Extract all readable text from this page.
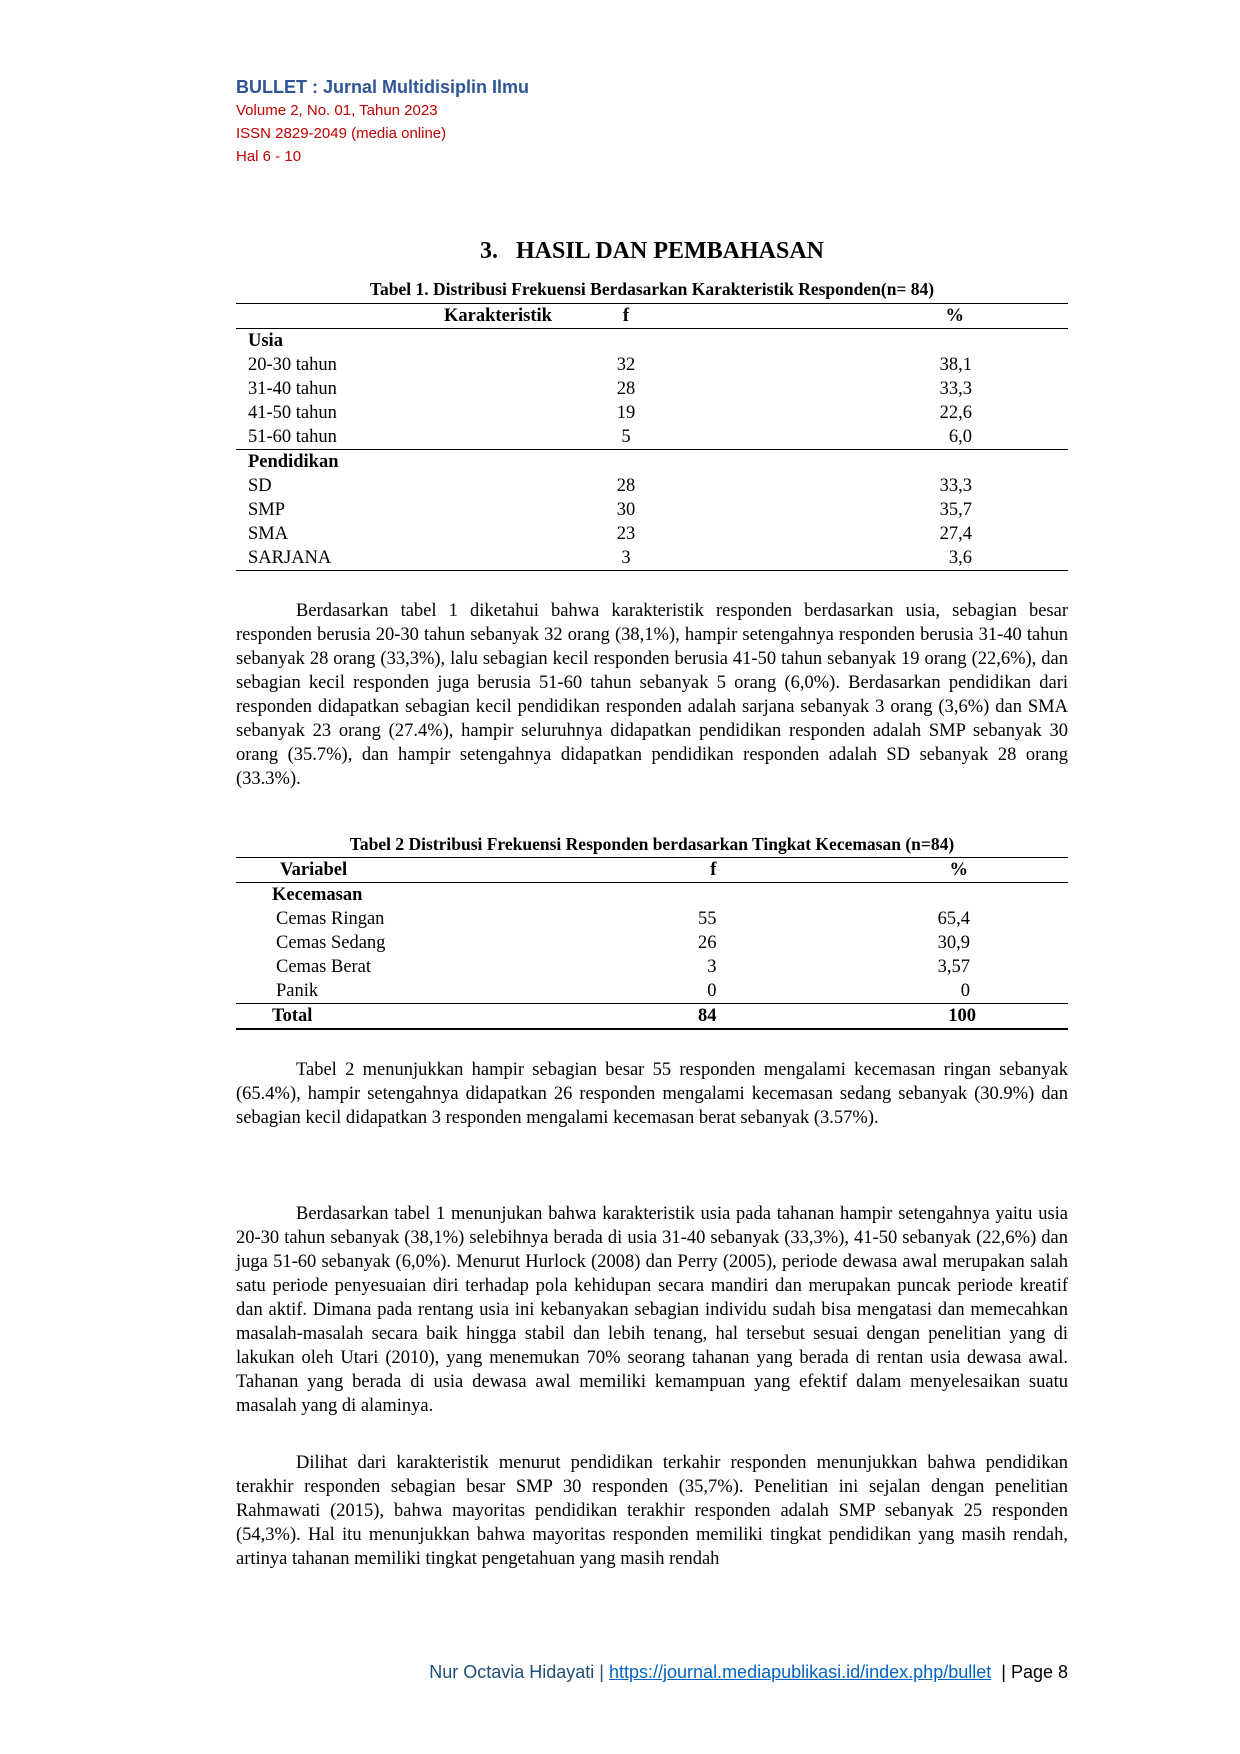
BULLET : Jurnal Multidisiplin Ilmu
Volume 2, No. 01, Tahun 2023
ISSN 2829-2049 (media online)
Hal 6 - 10
3.   HASIL DAN PEMBAHASAN
Tabel 1. Distribusi Frekuensi Berdasarkan Karakteristik Responden(n= 84)
Karakteristik	f	%
Usia		
20-30 tahun	32	38,1
31-40 tahun	28	33,3
41-50 tahun	19	22,6
51-60 tahun	5	6,0
Pendidikan		
SD	28	33,3
SMP	30	35,7
SMA	23	27,4
SARJANA	3	3,6

Berdasarkan tabel 1 diketahui bahwa karakteristik responden berdasarkan usia, sebagian besar responden berusia 20-30 tahun sebanyak 32 orang (38,1%), hampir setengahnya responden berusia 31-40 tahun sebanyak 28 orang (33,3%), lalu sebagian kecil responden berusia 41-50 tahun sebanyak 19 orang (22,6%), dan sebagian kecil responden juga berusia 51-60 tahun sebanyak 5 orang (6,0%). Berdasarkan pendidikan dari responden didapatkan sebagian kecil pendidikan responden adalah sarjana sebanyak 3 orang (3,6%) dan SMA sebanyak 23 orang (27.4%), hampir seluruhnya didapatkan pendidikan responden adalah SMP sebanyak 30 orang (35.7%), dan hampir setengahnya didapatkan pendidikan responden adalah SD sebanyak 28 orang (33.3%).

Tabel 2 Distribusi Frekuensi Responden berdasarkan Tingkat Kecemasan (n=84)
Variabel	f	%
Kecemasan		
Cemas Ringan	55	65,4
Cemas Sedang	26	30,9
Cemas Berat	3	3,57
Panik	0	0
Total	84	100

Tabel 2 menunjukkan hampir sebagian besar 55 responden mengalami kecemasan ringan sebanyak (65.4%), hampir setengahnya didapatkan 26 responden mengalami kecemasan sedang sebanyak (30.9%) dan sebagian kecil didapatkan 3 responden mengalami kecemasan berat sebanyak (3.57%).

Berdasarkan tabel 1 menunjukan bahwa karakteristik usia pada tahanan hampir setengahnya yaitu usia 20-30 tahun sebanyak (38,1%) selebihnya berada di usia 31-40 sebanyak (33,3%), 41-50 sebanyak (22,6%) dan juga 51-60 sebanyak (6,0%). Menurut Hurlock (2008) dan Perry (2005), periode dewasa awal merupakan salah satu periode penyesuaian diri terhadap pola kehidupan secara mandiri dan merupakan puncak periode kreatif dan aktif. Dimana pada rentang usia ini kebanyakan sebagian individu sudah bisa mengatasi dan memecahkan masalah-masalah secara baik hingga stabil dan lebih tenang, hal tersebut sesuai dengan penelitian yang di lakukan oleh Utari (2010), yang menemukan 70% seorang tahanan yang berada di rentan usia dewasa awal. Tahanan yang berada di usia dewasa awal memiliki kemampuan yang efektif dalam menyelesaikan suatu masalah yang di alaminya.

Dilihat dari karakteristik menurut pendidikan terkahir responden menunjukkan bahwa pendidikan terakhir responden sebagian besar SMP 30 responden (35,7%). Penelitian ini sejalan dengan penelitian Rahmawati (2015), bahwa mayoritas pendidikan terakhir responden adalah SMP sebanyak 25 responden (54,3%). Hal itu menunjukkan bahwa mayoritas responden memiliki tingkat pendidikan yang masih rendah, artinya tahanan memiliki tingkat pengetahuan yang masih rendah

Nur Octavia Hidayati | https://journal.mediapublikasi.id/index.php/bullet | Page 8
